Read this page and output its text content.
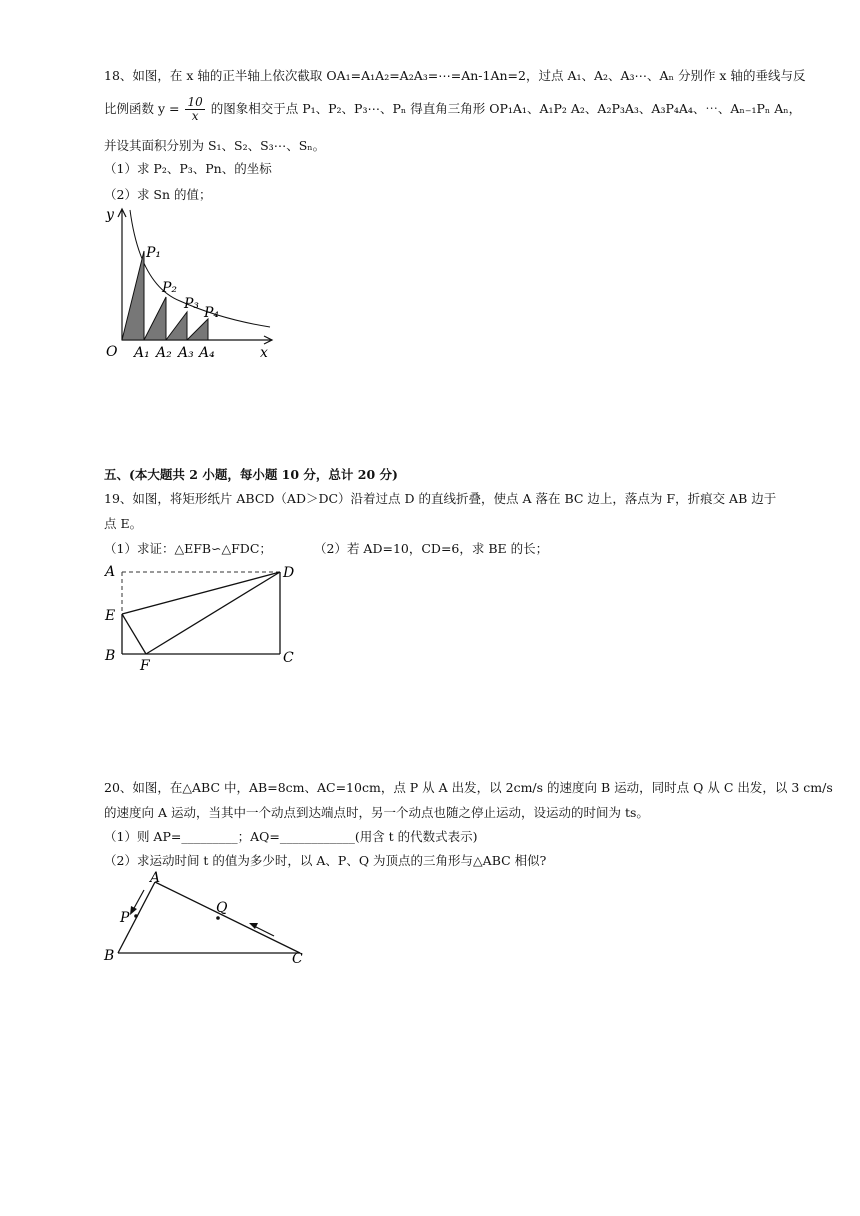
18、如图，在 x 轴的正半轴上依次截取 OA₁=A₁A₂=A₂A₃=⋯=An-1An=2，过点 A₁、A₂、A₃⋯、Aₙ 分别作 x 轴的垂线与反
比例函数 $y = \frac{10}{x}$ 的图象相交于点 P₁、P₂、P₃⋯、Pₙ 得直角三角形 OP₁A₁、A₁P₂ A₂、A₂P₃A₃、A₃P₄A₄、⋯、Aₙ₋₁Pₙ Aₙ，
并设其面积分别为 S₁、S₂、S₃⋯、Sₙ。
（1）求 P₂、P₃、Pn、的坐标
（2）求 Sn 的值；
y
x
O
P₁
P₂
P₃
P₄
A₁ A₂ A₃ A₄
五、(本大题共 2 小题，每小题 10 分，总计 20 分)
19、如图，将矩形纸片 ABCD（AD＞DC）沿着过点 D 的直线折叠，使点 A 落在 BC 边上，落点为 F，折痕交 AB 边于
点 E。
（1）求证：△EFB∽△FDC；	（2）若 AD=10，CD=6，求 BE 的长；
A	D
E
B	C
F
20、如图，在△ABC 中，AB=8cm、AC=10cm，点 P 从 A 出发，以 2cm/s 的速度向 B 运动，同时点 Q 从 C 出发，以 3 cm/s
的速度向 A 运动，当其中一个动点到达端点时，另一个动点也随之停止运动，设运动的时间为 ts。
（1）则 AP=_________；AQ=____________(用含 t 的代数式表示)
（2）求运动时间 t 的值为多少时，以 A、P、Q 为顶点的三角形与△ABC 相似?
A
B	C
P
Q
